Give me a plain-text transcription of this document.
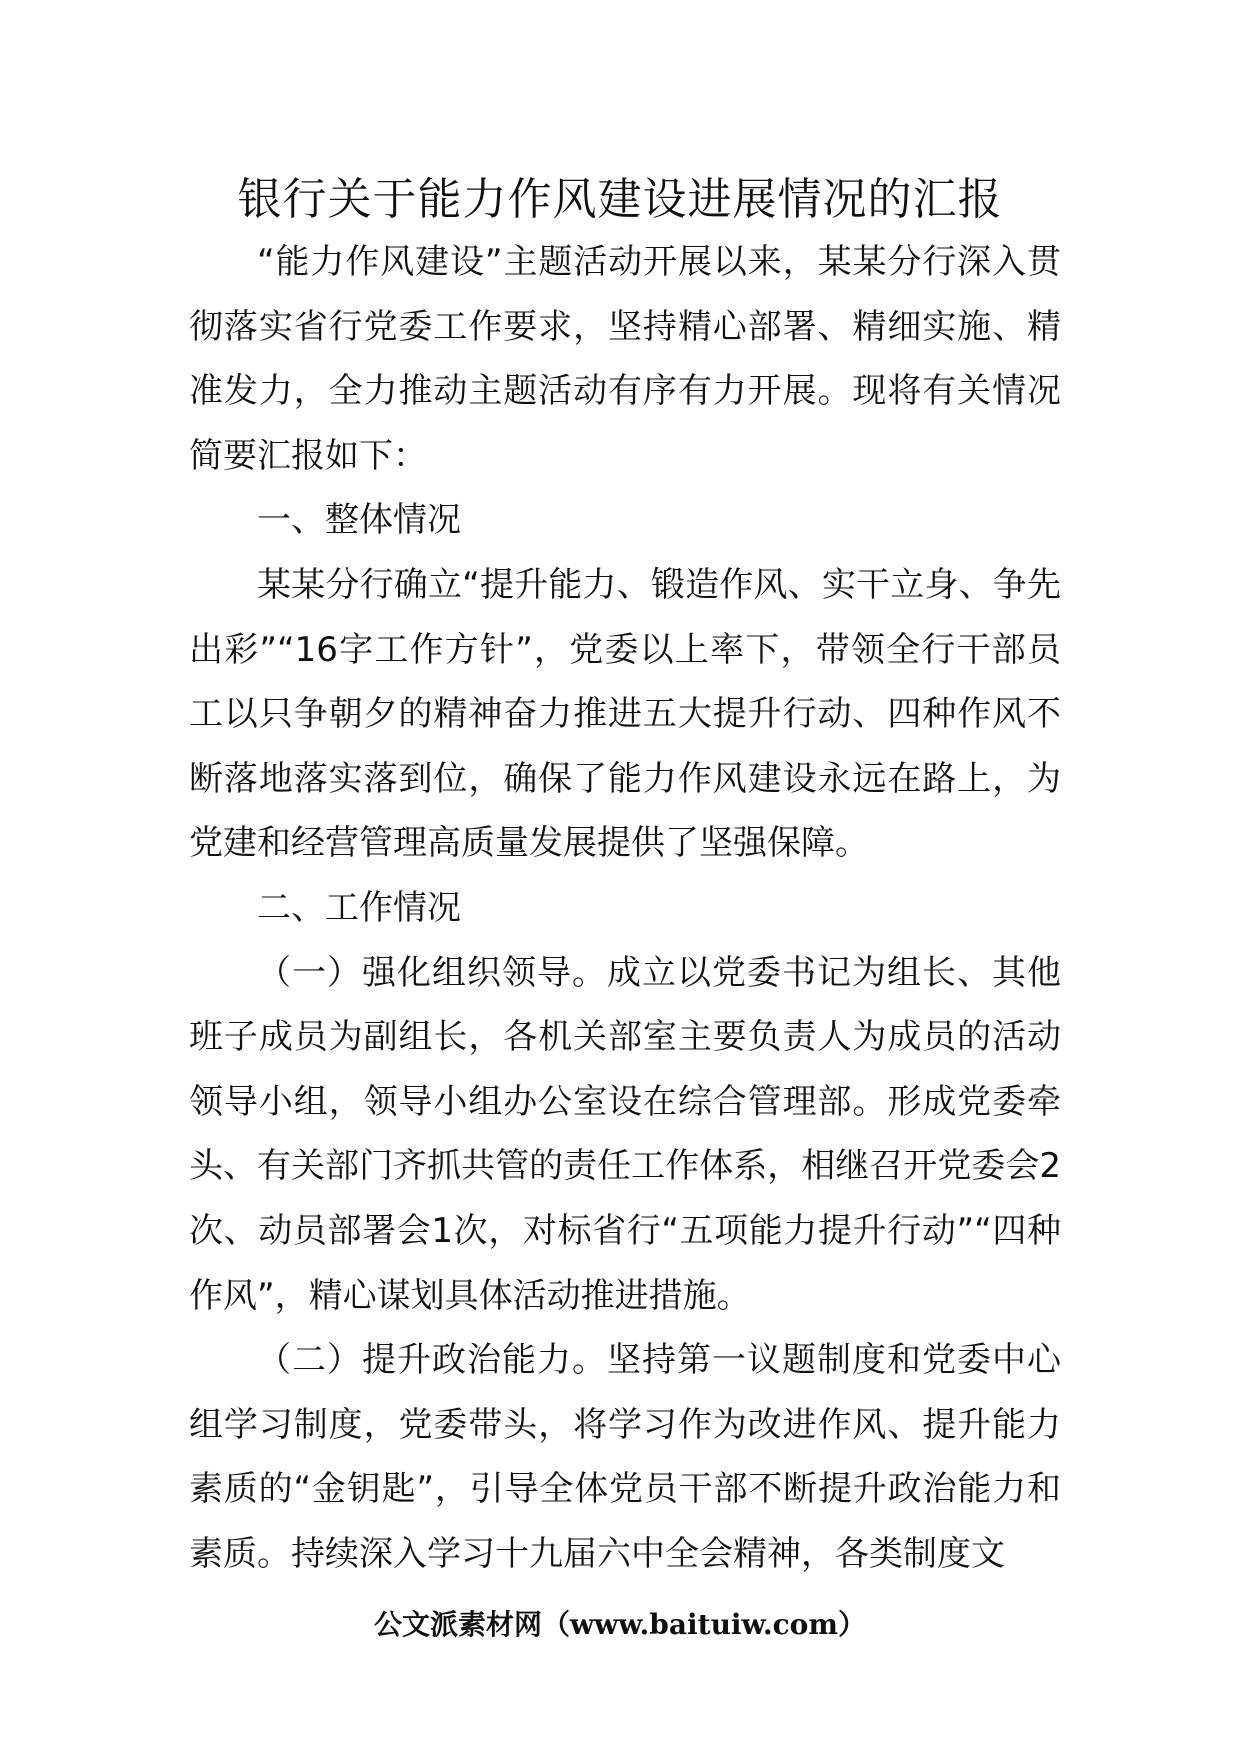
银行关于能力作风建设进展情况的汇报

“能力作风建设”主题活动开展以来，某某分行深入贯彻落实省行党委工作要求，坚持精心部署、精细实施、精准发力，全力推动主题活动有序有力开展。现将有关情况简要汇报如下：

一、整体情况

某某分行确立“提升能力、锻造作风、实干立身、争先出彩”“16字工作方针”，党委以上率下，带领全行干部员工以只争朝夕的精神奋力推进五大提升行动、四种作风不断落地落实落到位，确保了能力作风建设永远在路上，为党建和经营管理高质量发展提供了坚强保障。

二、工作情况

（一）强化组织领导。成立以党委书记为组长、其他班子成员为副组长，各机关部室主要负责人为成员的活动领导小组，领导小组办公室设在综合管理部。形成党委牵头、有关部门齐抓共管的责任工作体系，相继召开党委会2次、动员部署会1次，对标省行“五项能力提升行动”“四种作风”，精心谋划具体活动推进措施。

（二）提升政治能力。坚持第一议题制度和党委中心组学习制度，党委带头，将学习作为改进作风、提升能力素质的“金钥匙”，引导全体党员干部不断提升政治能力和素质。持续深入学习十九届六中全会精神，各类制度文

公文派素材网（www.baituiw.com）
